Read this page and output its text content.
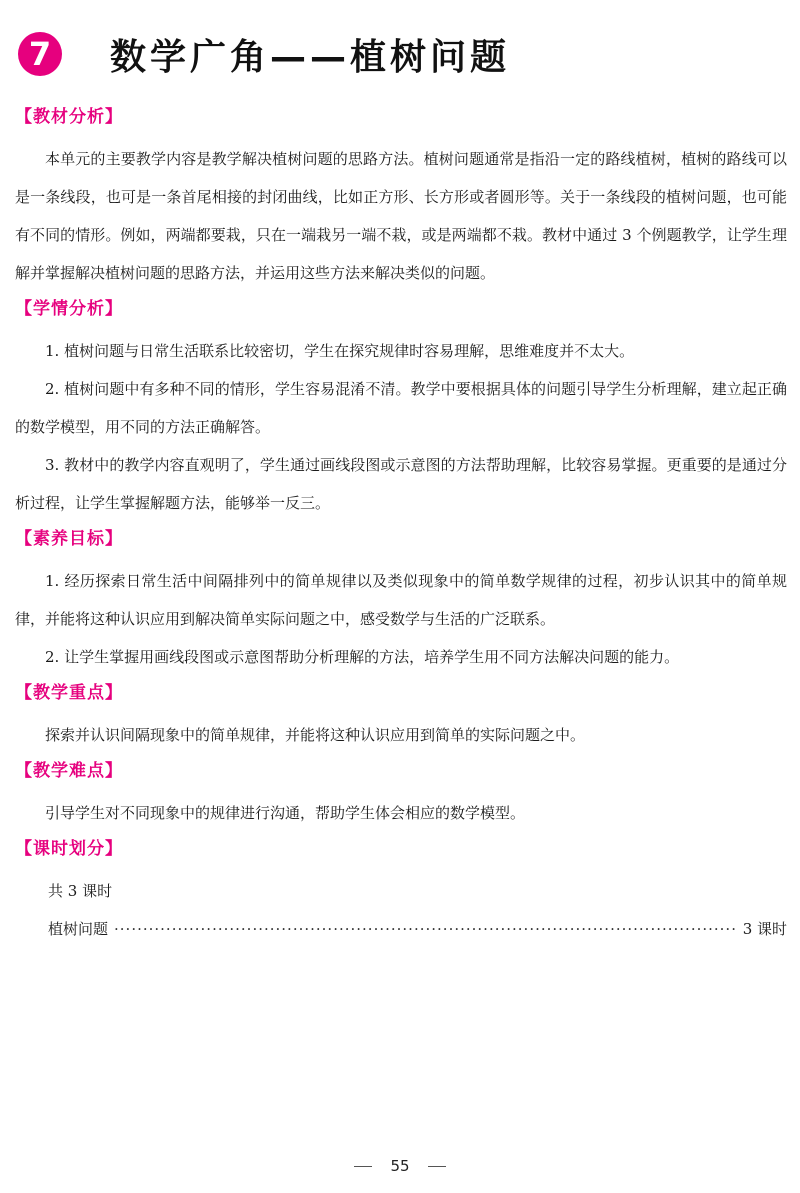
7	数学广角——植树问题
【教材分析】

本单元的主要教学内容是教学解决植树问题的思路方法。植树问题通常是指沿一定的路线植树，植树的路线可以是一条线段，也可是一条首尾相接的封闭曲线，比如正方形、长方形或者圆形等。关于一条线段的植树问题，也可能有不同的情形。例如，两端都要栽，只在一端栽另一端不栽，或是两端都不栽。教材中通过 3 个例题教学，让学生理解并掌握解决植树问题的思路方法，并运用这些方法来解决类似的问题。

【学情分析】

1. 植树问题与日常生活联系比较密切，学生在探究规律时容易理解，思维难度并不太大。

2. 植树问题中有多种不同的情形，学生容易混淆不清。教学中要根据具体的问题引导学生分析理解，建立起正确的数学模型，用不同的方法正确解答。

3. 教材中的教学内容直观明了，学生通过画线段图或示意图的方法帮助理解，比较容易掌握。更重要的是通过分析过程，让学生掌握解题方法，能够举一反三。

【素养目标】

1. 经历探索日常生活中间隔排列中的简单规律以及类似现象中的简单数学规律的过程，初步认识其中的简单规律，并能将这种认识应用到解决简单实际问题之中，感受数学与生活的广泛联系。

2. 让学生掌握用画线段图或示意图帮助分析理解的方法，培养学生用不同方法解决问题的能力。

【教学重点】

探索并认识间隔现象中的简单规律，并能将这种认识应用到简单的实际问题之中。

【教学难点】

引导学生对不同现象中的规律进行沟通，帮助学生体会相应的数学模型。

【课时划分】
共 3 课时
植树问题
·····	3 课时
55
